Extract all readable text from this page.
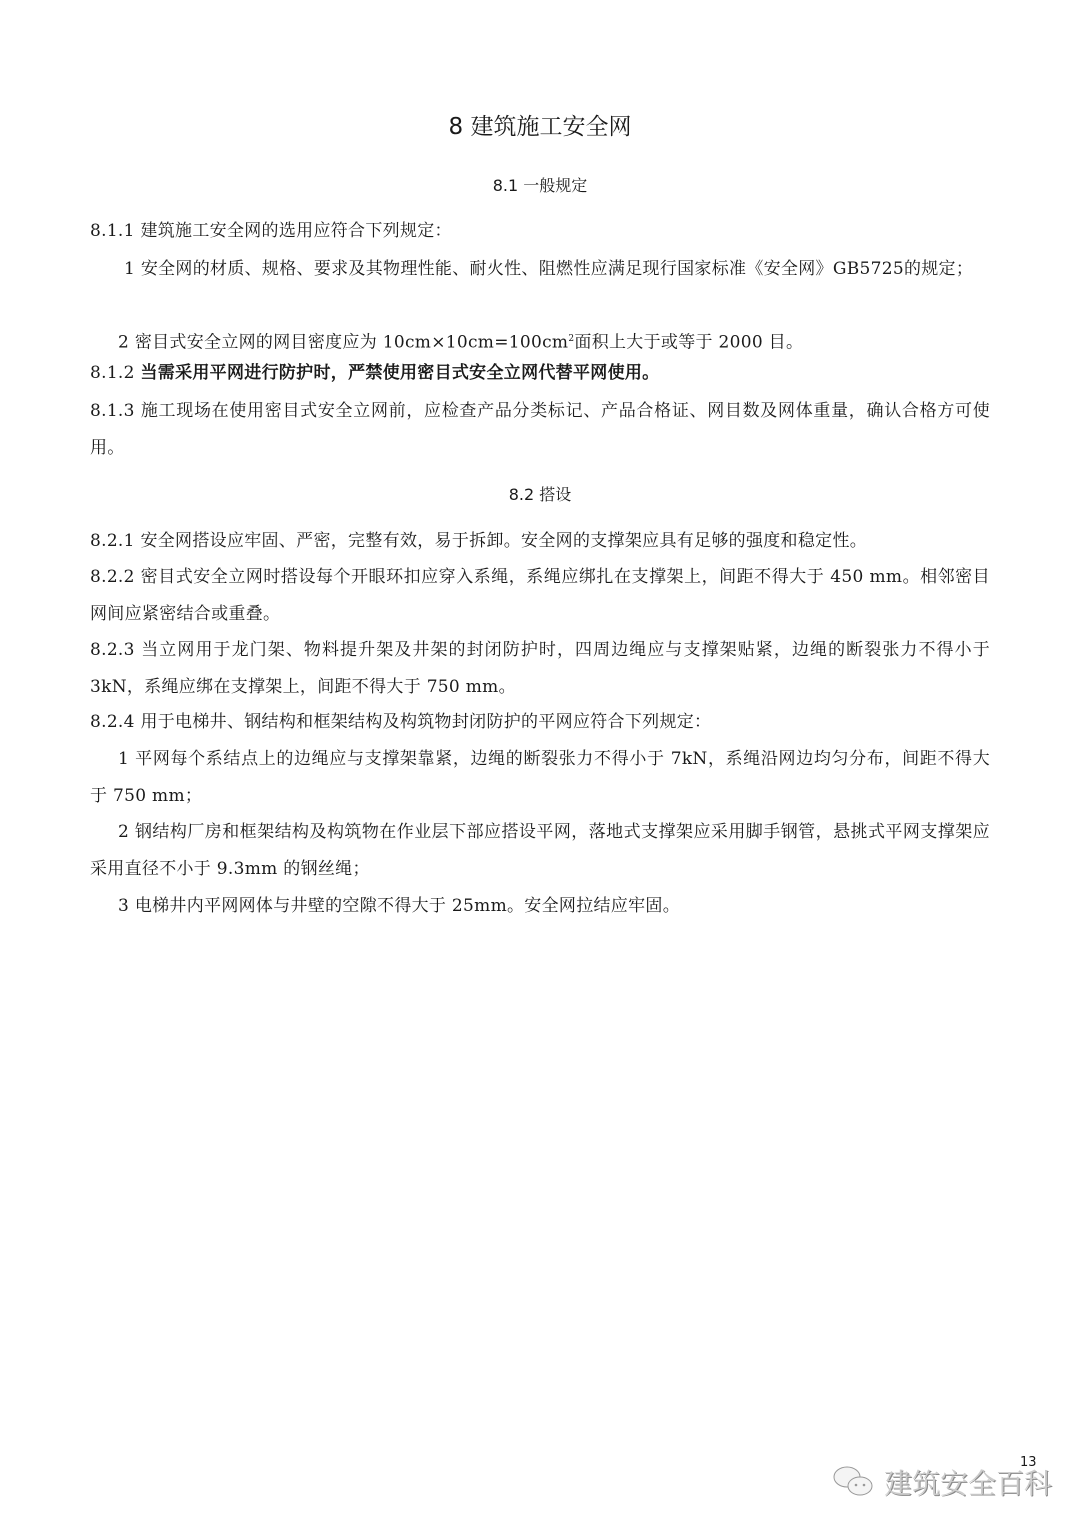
8 建筑施工安全网
8.1 一般规定
8.1.1 建筑施工安全网的选用应符合下列规定：
1 安全网的材质、规格、要求及其物理性能、耐火性、阻燃性应满足现行国家标准《安全网》GB5725的规定；
2 密目式安全立网的网目密度应为 $10cm\times 10cm=100cm^2$面积上大于或等于 2000 目。
8.1.2 当需采用平网进行防护时，严禁使用密目式安全立网代替平网使用。
8.1.3 施工现场在使用密目式安全立网前，应检查产品分类标记、产品合格证、网目数及网体重量，确认合格方可使用。
8.2 搭设
8.2.1 安全网搭设应牢固、严密，完整有效，易于拆卸。安全网的支撑架应具有足够的强度和稳定性。
8.2.2 密目式安全立网时搭设每个开眼环扣应穿入系绳，系绳应绑扎在支撑架上，间距不得大于 450 mm。相邻密目网间应紧密结合或重叠。
8.2.3 当立网用于龙门架、物料提升架及井架的封闭防护时，四周边绳应与支撑架贴紧，边绳的断裂张力不得小于 3kN，系绳应绑在支撑架上，间距不得大于 750 mm。
8.2.4 用于电梯井、钢结构和框架结构及构筑物封闭防护的平网应符合下列规定：
1 平网每个系结点上的边绳应与支撑架靠紧，边绳的断裂张力不得小于 7kN，系绳沿网边均匀分布，间距不得大于 750 mm；
2 钢结构厂房和框架结构及构筑物在作业层下部应搭设平网，落地式支撑架应采用脚手钢管，悬挑式平网支撑架应采用直径不小于 9.3mm 的钢丝绳；
3 电梯井内平网网体与井壁的空隙不得大于 25mm。安全网拉结应牢固。
13
建筑安全百科
